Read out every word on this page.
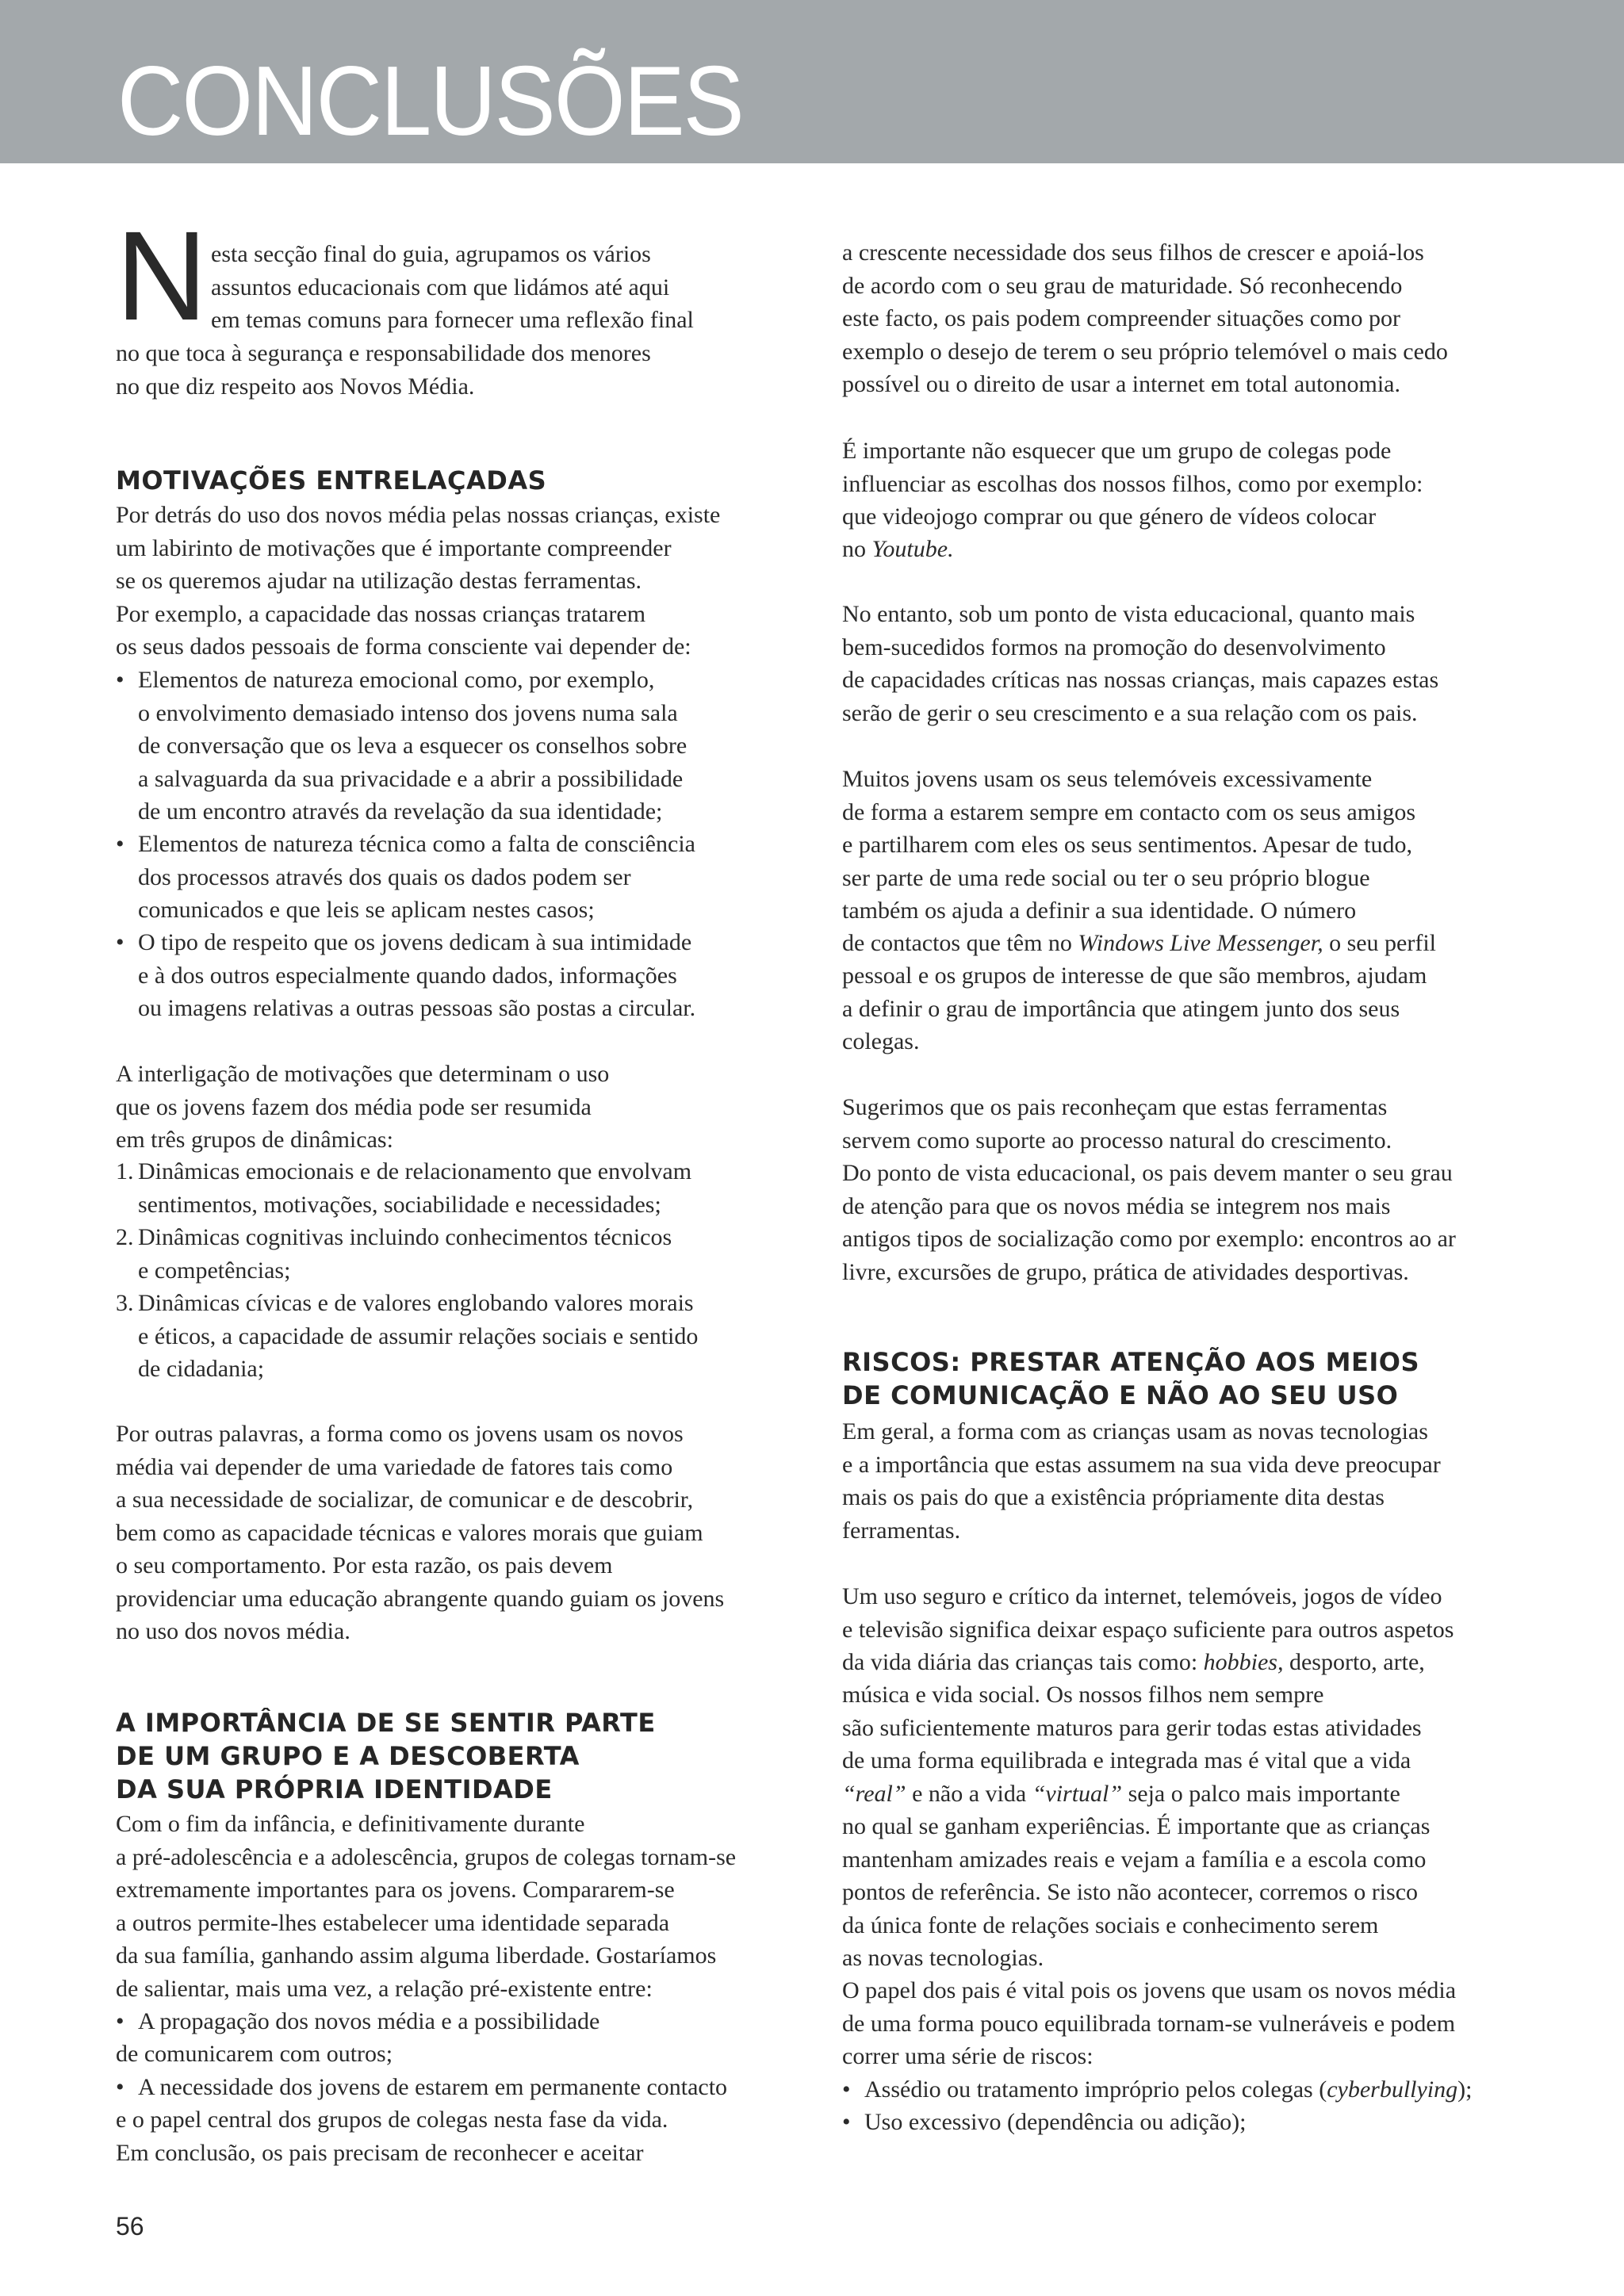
CONCLUSÕES
N esta secção final do guia, agrupamos os vários
assuntos educacionais com que lidámos até aqui
em temas comuns para fornecer uma reflexão final

no que toca à segurança e responsabilidade dos menores
no que diz respeito aos Novos Média.

MOTIVAÇÕES ENTRELAÇADAS

Por detrás do uso dos novos média pelas nossas crianças, existe
um labirinto de motivações que é importante compreender
se os queremos ajudar na utilização destas ferramentas.
Por exemplo, a capacidade das nossas crianças tratarem
os seus dados pessoais de forma consciente vai depender de:

• Elementos de natureza emocional como, por exemplo,
o envolvimento demasiado intenso dos jovens numa sala
de conversação que os leva a esquecer os conselhos sobre
a salvaguarda da sua privacidade e a abrir a possibilidade
de um encontro através da revelação da sua identidade;
• Elementos de natureza técnica como a falta de consciência
dos processos através dos quais os dados podem ser
comunicados e que leis se aplicam nestes casos;
• O tipo de respeito que os jovens dedicam à sua intimidade
e à dos outros especialmente quando dados, informações
ou imagens relativas a outras pessoas são postas a circular.

A interligação de motivações que determinam o uso
que os jovens fazem dos média pode ser resumida
em três grupos de dinâmicas:

1. Dinâmicas emocionais e de relacionamento que envolvam
sentimentos, motivações, sociabilidade e necessidades;
2. Dinâmicas cognitivas incluindo conhecimentos técnicos
e competências;
3. Dinâmicas cívicas e de valores englobando valores morais
e éticos, a capacidade de assumir relações sociais e sentido
de cidadania;

Por outras palavras, a forma como os jovens usam os novos
média vai depender de uma variedade de fatores tais como
a sua necessidade de socializar, de comunicar e de descobrir,
bem como as capacidade técnicas e valores morais que guiam
o seu comportamento. Por esta razão, os pais devem
providenciar uma educação abrangente quando guiam os jovens
no uso dos novos média.

A IMPORTÂNCIA DE SE SENTIR PARTE
DE UM GRUPO E A DESCOBERTA
DA SUA PRÓPRIA IDENTIDADE

Com o fim da infância, e definitivamente durante
a pré-adolescência e a adolescência, grupos de colegas tornam-se
extremamente importantes para os jovens. Compararem-se
a outros permite-lhes estabelecer uma identidade separada
da sua família, ganhando assim alguma liberdade. Gostaríamos
de salientar, mais uma vez, a relação pré-existente entre:

• A propagação dos novos média e a possibilidade

de comunicarem com outros;

• A necessidade dos jovens de estarem em permanente contacto

e o papel central dos grupos de colegas nesta fase da vida.

Em conclusão, os pais precisam de reconhecer e aceitar

a crescente necessidade dos seus filhos de crescer e apoiá-los
de acordo com o seu grau de maturidade. Só reconhecendo
este facto, os pais podem compreender situações como por
exemplo o desejo de terem o seu próprio telemóvel o mais cedo
possível ou o direito de usar a internet em total autonomia.

É importante não esquecer que um grupo de colegas pode
influenciar as escolhas dos nossos filhos, como por exemplo:
que videojogo comprar ou que género de vídeos colocar

no Youtube.

No entanto, sob um ponto de vista educacional, quanto mais
bem-sucedidos formos na promoção do desenvolvimento
de capacidades críticas nas nossas crianças, mais capazes estas
serão de gerir o seu crescimento e a sua relação com os pais.

Muitos jovens usam os seus telemóveis excessivamente
de forma a estarem sempre em contacto com os seus amigos
e partilharem com eles os seus sentimentos. Apesar de tudo,
ser parte de uma rede social ou ter o seu próprio blogue
também os ajuda a definir a sua identidade. O número

de contactos que têm no Windows Live Messenger, o seu perfil

pessoal e os grupos de interesse de que são membros, ajudam
a definir o grau de importância que atingem junto dos seus
colegas.

Sugerimos que os pais reconheçam que estas ferramentas
servem como suporte ao processo natural do crescimento.
Do ponto de vista educacional, os pais devem manter o seu grau
de atenção para que os novos média se integrem nos mais
antigos tipos de socialização como por exemplo: encontros ao ar
livre, excursões de grupo, prática de atividades desportivas.

RISCOS: PRESTAR ATENÇÃO AOS MEIOS
DE COMUNICAÇÃO E NÃO AO SEU USO

Em geral, a forma com as crianças usam as novas tecnologias
e a importância que estas assumem na sua vida deve preocupar
mais os pais do que a existência própriamente dita destas
ferramentas.

Um uso seguro e crítico da internet, telemóveis, jogos de vídeo
e televisão significa deixar espaço suficiente para outros aspetos

da vida diária das crianças tais como: hobbies, desporto, arte,

música e vida social. Os nossos filhos nem sempre
são suficientemente maturos para gerir todas estas atividades
de uma forma equilibrada e integrada mas é vital que a vida

“real” e não a vida “virtual” seja o palco mais importante

no qual se ganham experiências. É importante que as crianças
mantenham amizades reais e vejam a família e a escola como
pontos de referência. Se isto não acontecer, corremos o risco
da única fonte de relações sociais e conhecimento serem
as novas tecnologias.

O papel dos pais é vital pois os jovens que usam os novos média
de uma forma pouco equilibrada tornam-se vulneráveis e podem
correr uma série de riscos:

• Assédio ou tratamento impróprio pelos colegas (cyberbullying);
• Uso excessivo (dependência ou adição);
56
